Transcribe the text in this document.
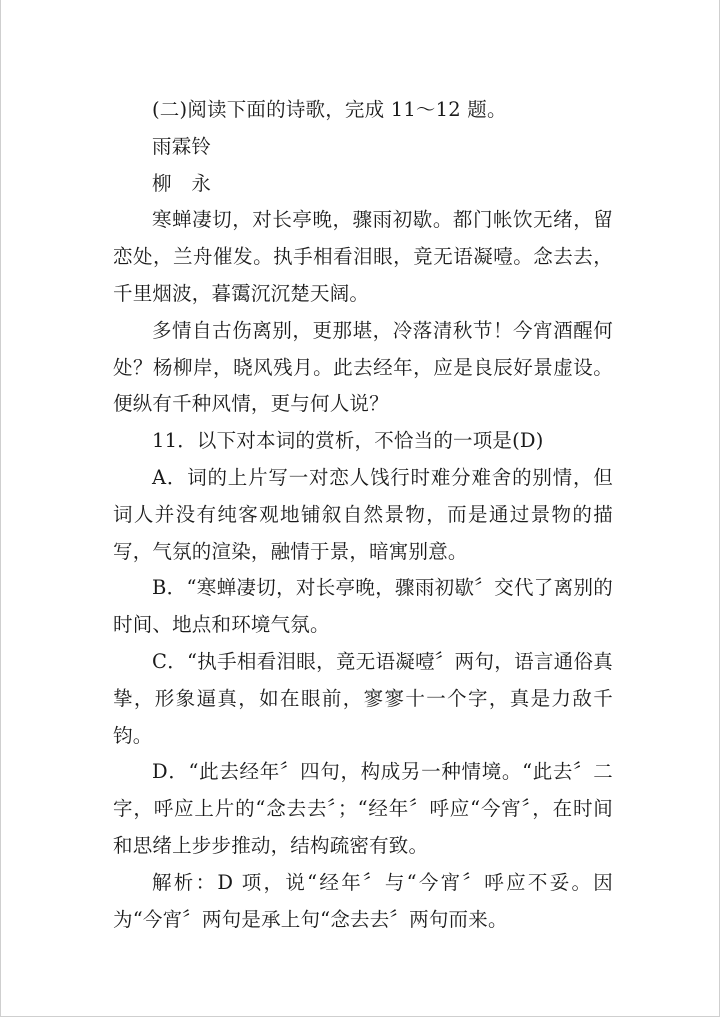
(二)阅读下面的诗歌，完成 11～12 题。

雨霖铃

柳　永

寒蝉凄切，对长亭晚，骤雨初歇。都门帐饮无绪，留恋处，兰舟催发。执手相看泪眼，竟无语凝噎。念去去，千里烟波，暮霭沉沉楚天阔。

多情自古伤离别，更那堪，冷落清秋节！今宵酒醒何处？杨柳岸，晓风残月。此去经年，应是良辰好景虚设。便纵有千种风情，更与何人说？

11．以下对本词的赏析，不恰当的一项是(D)

A．词的上片写一对恋人饯行时难分难舍的别情，但词人并没有纯客观地铺叙自然景物，而是通过景物的描写，气氛的渲染，融情于景，暗寓别意。

B．“寒蝉凄切，对长亭晚，骤雨初歇〞交代了离别的时间、地点和环境气氛。

C．“执手相看泪眼，竟无语凝噎〞两句，语言通俗真挚，形象逼真，如在眼前，寥寥十一个字，真是力敌千钧。

D．“此去经年〞四句，构成另一种情境。“此去〞二字，呼应上片的“念去去〞；“经年〞呼应“今宵〞，在时间和思绪上步步推动，结构疏密有致。

解析：D 项，说“经年〞与“今宵〞呼应不妥。因为“今宵〞两句是承上句“念去去〞两句而来。
